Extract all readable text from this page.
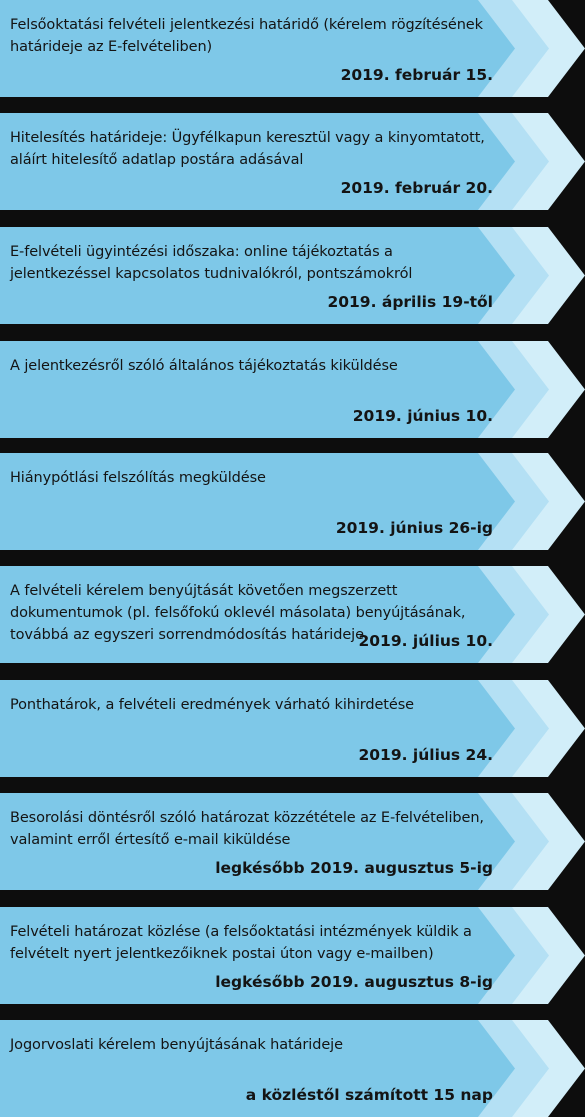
Felsőoktatási felvételi jelentkezési határidő (kérelem rögzítésének határideje az E-felvételiben)
2019. február 15.
Hitelesítés határideje: Ügyfélkapun keresztül vagy a kinyomtatott, aláírt hitelesítő adatlap postára adásával
2019. február 20.
E-felvételi ügyintézési időszaka: online tájékoztatás a jelentkezéssel kapcsolatos tudnivalókról, pontszámokról
2019. április 19-től
A jelentkezésről szóló általános tájékoztatás kiküldése
2019. június 10.
Hiánypótlási felszólítás megküldése
2019. június 26-ig
A felvételi kérelem benyújtását követően megszerzett dokumentumok (pl. felsőfokú oklevél másolata) benyújtásának, továbbá az egyszeri sorrendmódosítás határideje
2019. július 10.
Ponthatárok, a felvételi eredmények várható kihirdetése
2019. július 24.
Besorolási döntésről szóló határozat közzététele az E-felvételiben, valamint erről értesítő e-mail kiküldése
legkésőbb 2019. augusztus 5-ig
Felvételi határozat közlése (a felsőoktatási intézmények küldik a felvételt nyert jelentkezőiknek postai úton vagy e-mailben)
legkésőbb 2019. augusztus 8-ig
Jogorvoslati kérelem benyújtásának határideje
a közléstől számított 15 nap
